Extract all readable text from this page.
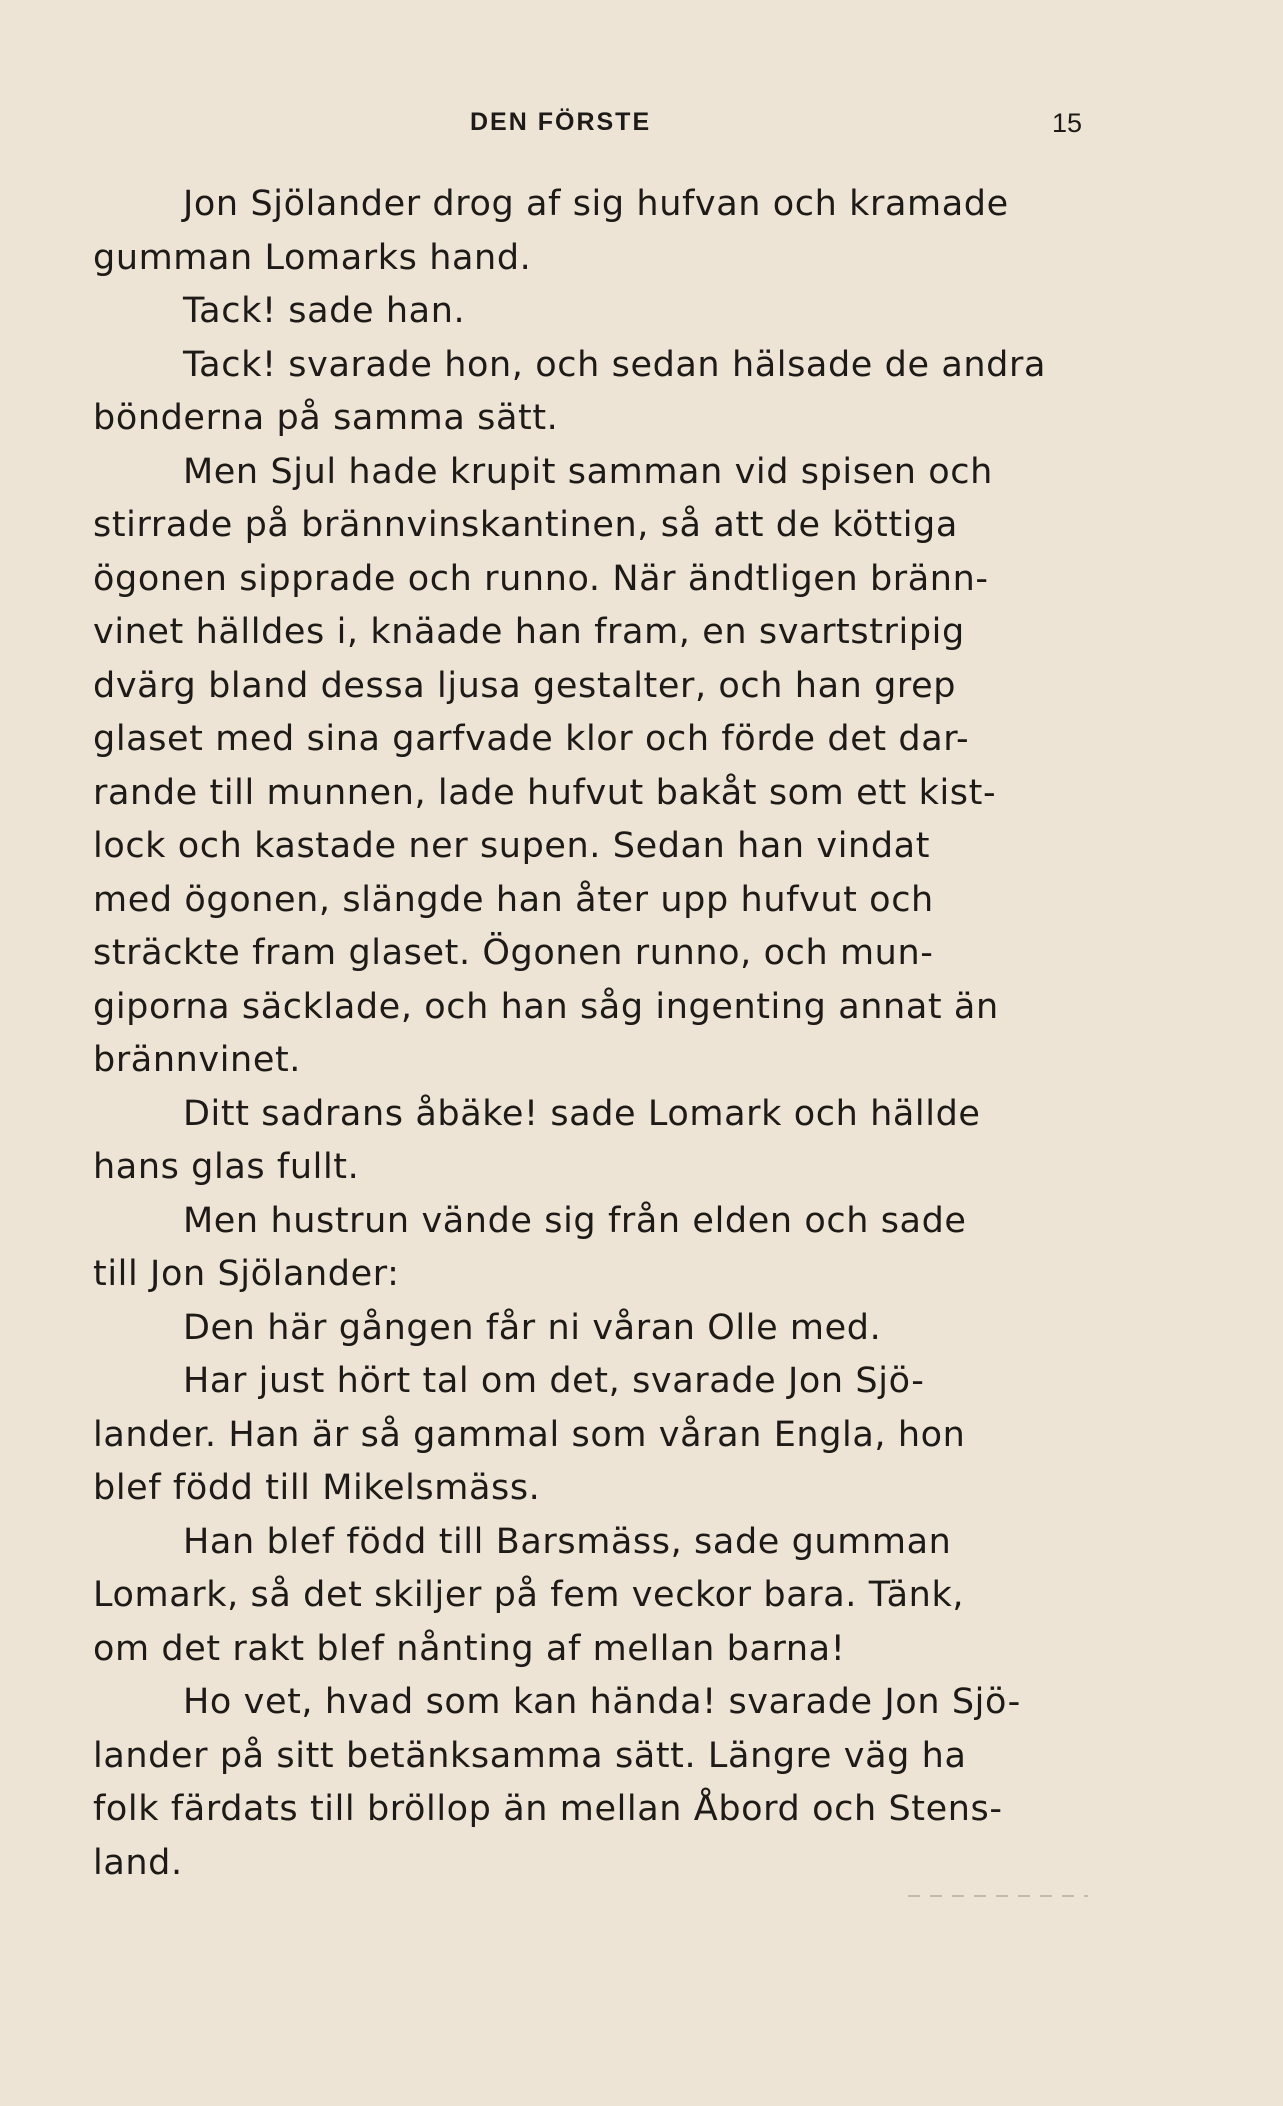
DEN FÖRSTE	15

Jon Sjölander drog af sig hufvan och kramade

gumman Lomarks hand.

Tack! sade han.

Tack! svarade hon, och sedan hälsade de andra

bönderna på samma sätt.

Men Sjul hade krupit samman vid spisen och

stirrade på brännvinskantinen, så att de köttiga

ögonen sipprade och runno. När ändtligen bränn-

vinet hälldes i, knäade han fram, en svartstripig

dvärg bland dessa ljusa gestalter, och han grep

glaset med sina garfvade klor och förde det dar-

rande till munnen, lade hufvut bakåt som ett kist-

lock och kastade ner supen. Sedan han vindat

med ögonen, slängde han åter upp hufvut och

sträckte fram glaset. Ögonen runno, och mun-

giporna säcklade, och han såg ingenting annat än

brännvinet.

Ditt sadrans åbäke! sade Lomark och hällde

hans glas fullt.

Men hustrun vände sig från elden och sade

till Jon Sjölander:

Den här gången får ni våran Olle med.

Har just hört tal om det, svarade Jon Sjö-

lander. Han är så gammal som våran Engla, hon

blef född till Mikelsmäss.

Han blef född till Barsmäss, sade gumman

Lomark, så det skiljer på fem veckor bara. Tänk,

om det rakt blef nånting af mellan barna!

Ho vet, hvad som kan hända! svarade Jon Sjö-

lander på sitt betänksamma sätt. Längre väg ha

folk färdats till bröllop än mellan Åbord och Stens-

land.
